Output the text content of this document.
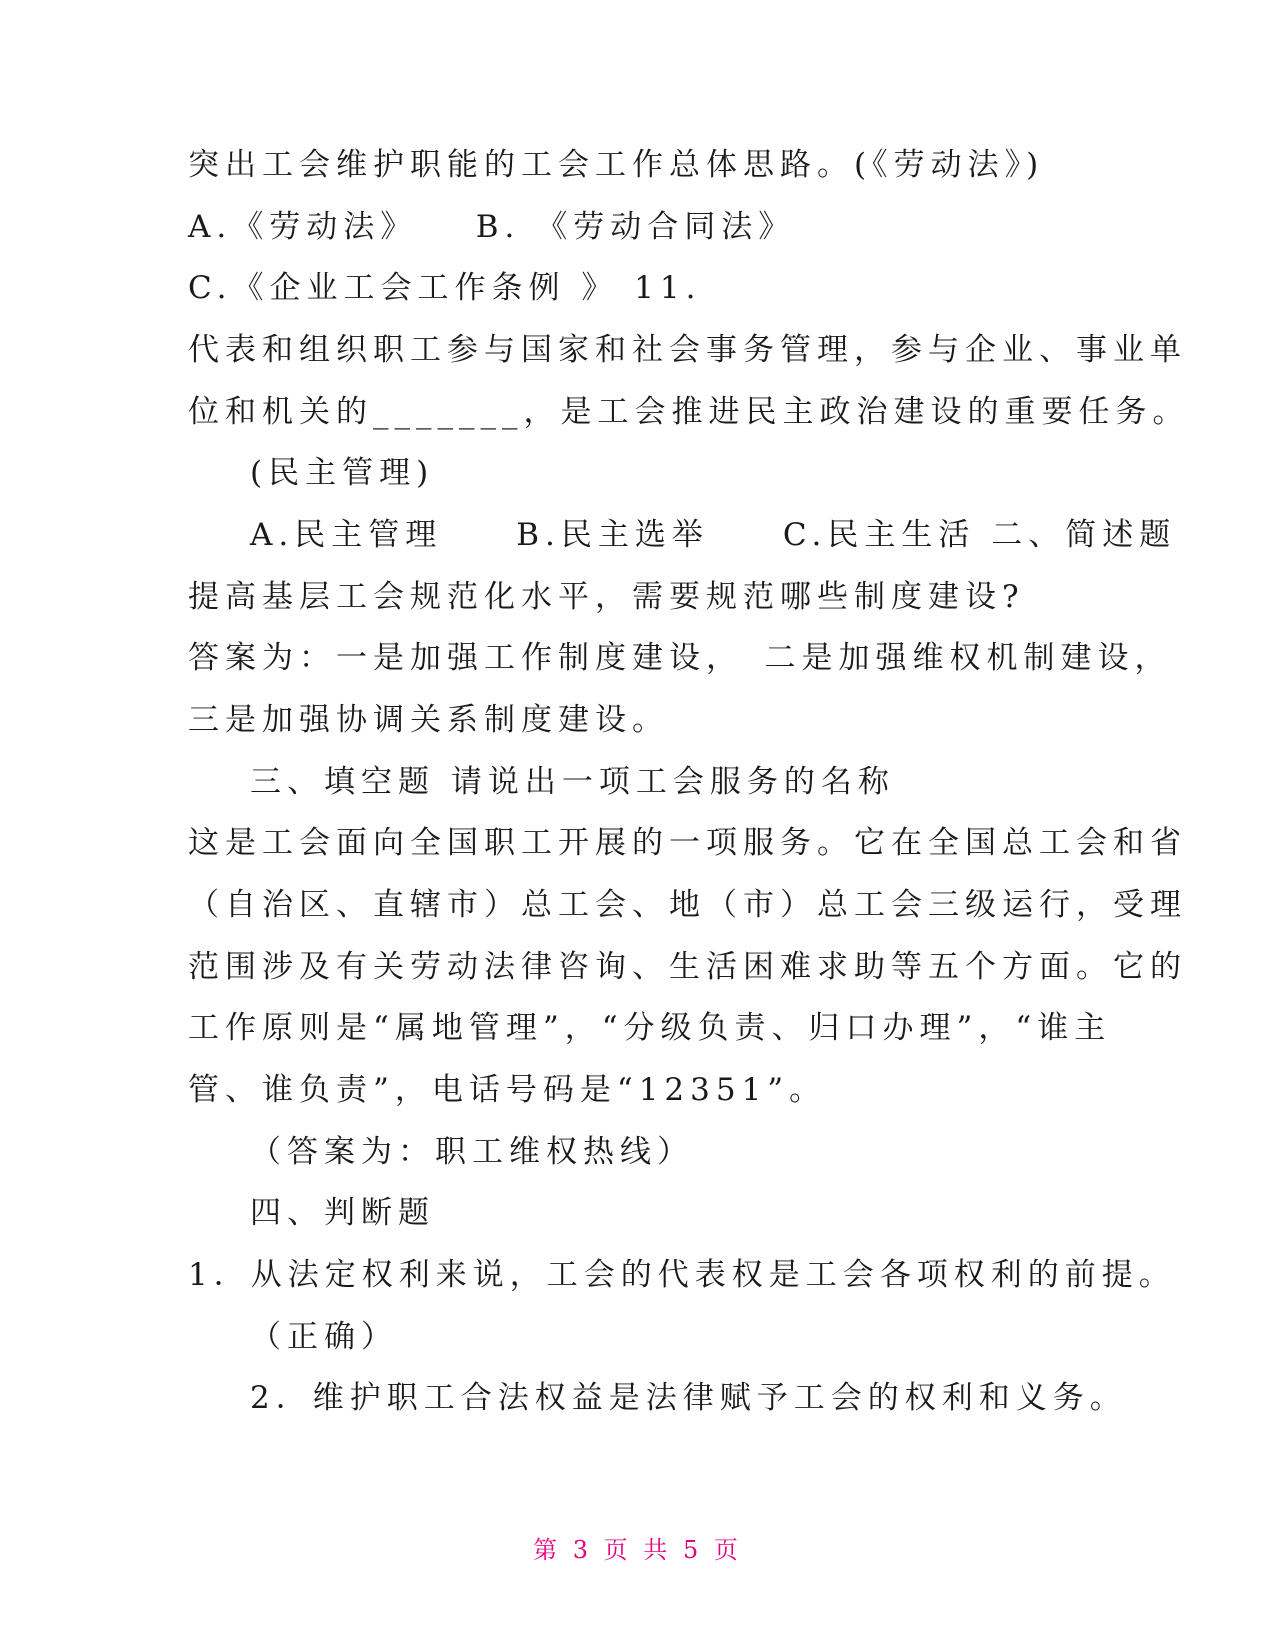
突出工会维护职能的工会工作总体思路。(《劳动法》)
A.《劳动法》　　B. 《劳动合同法》
C.《企业工会工作条例 》 11.
代表和组织职工参与国家和社会事务管理，参与企业、事业单
位和机关的_______，是工会推进民主政治建设的重要任务。
(民主管理)
A.民主管理　　B.民主选举　　C.民主生活 二、简述题
提高基层工会规范化水平，需要规范哪些制度建设?
答案为：一是加强工作制度建设，　二是加强维权机制建设，
三是加强协调关系制度建设。
三、填空题 请说出一项工会服务的名称
这是工会面向全国职工开展的一项服务。它在全国总工会和省
（自治区、直辖市）总工会、地（市）总工会三级运行，受理
范围涉及有关劳动法律咨询、生活困难求助等五个方面。它的
工作原则是“属地管理”，“分级负责、归口办理”，“谁主
管、谁负责”，电话号码是“12351”。
（答案为：职工维权热线）
四、判断题
1．从法定权利来说，工会的代表权是工会各项权利的前提。
（正确）
2．维护职工合法权益是法律赋予工会的权利和义务。
第 3 页 共 5 页
